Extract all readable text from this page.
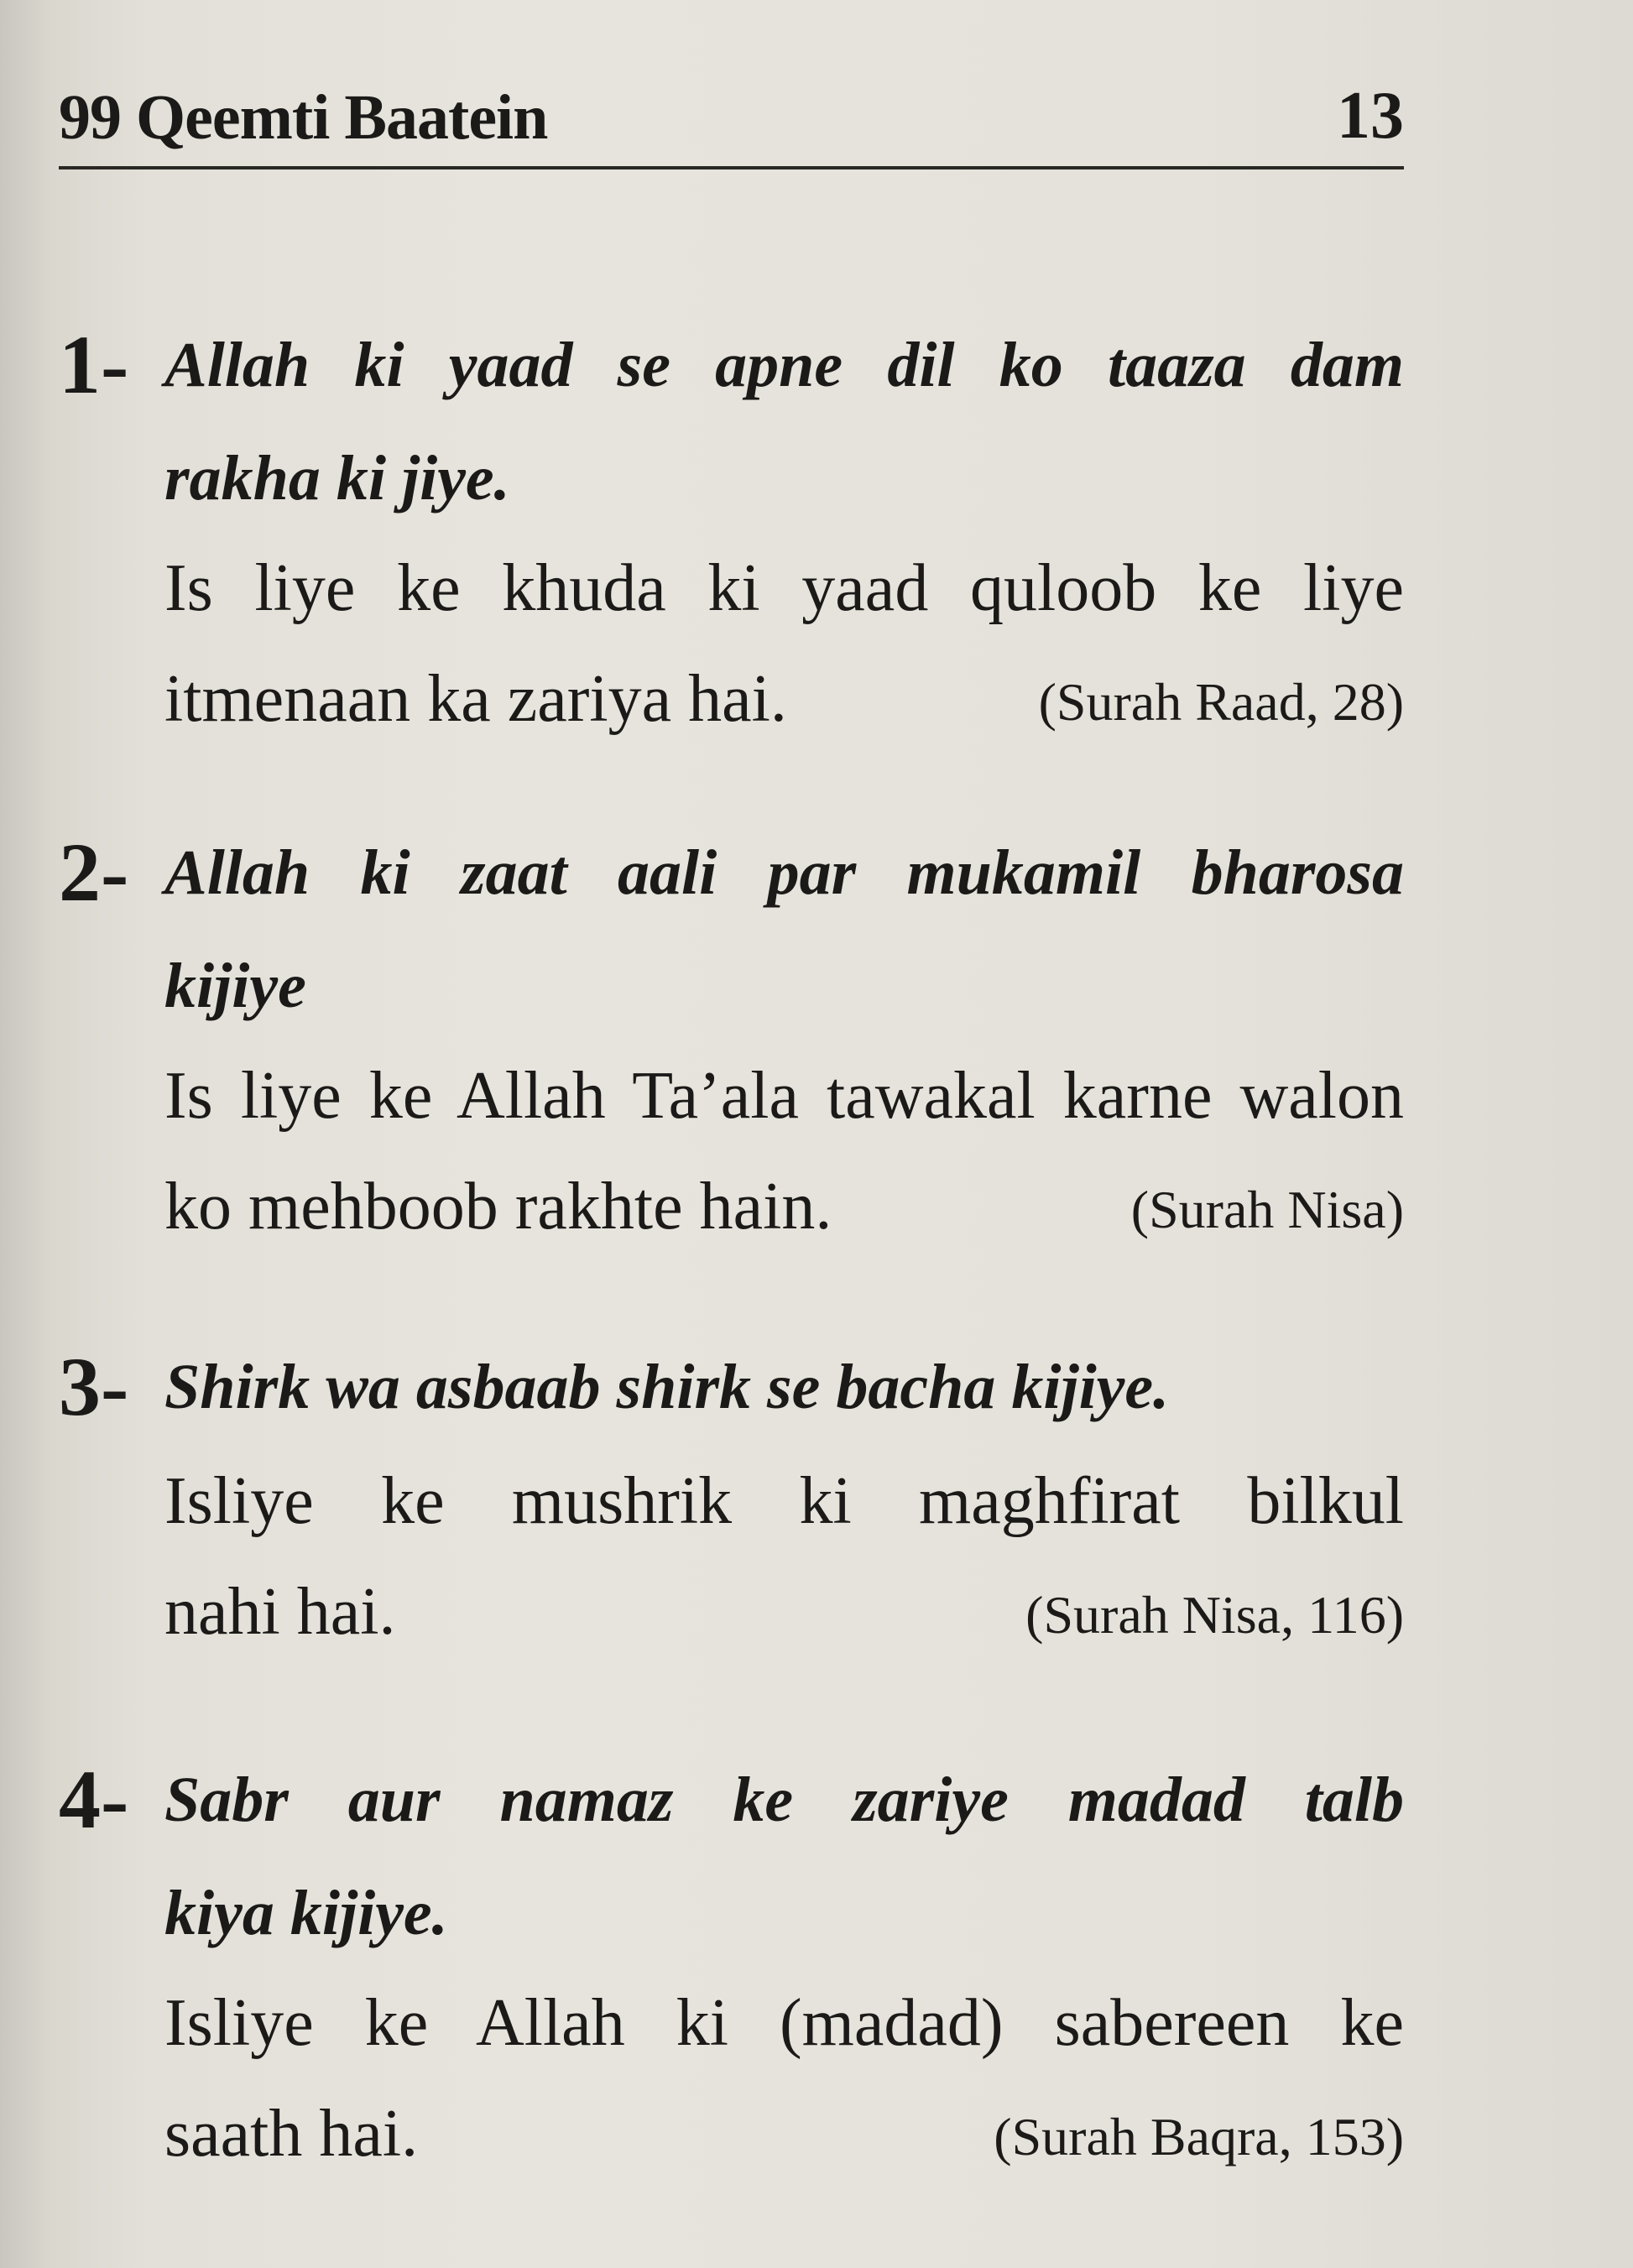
99 Qeemti Baatein	13
1- Allah ki yaad se apne dil ko taaza dam
rakha ki jiye.
Is liye ke khuda ki yaad quloob ke liye
itmenaan ka zariya hai.	(Surah Raad, 28)
2- Allah ki zaat aali par mukamil bharosa
kijiye
Is liye ke Allah Ta’ala tawakal karne walon
ko mehboob rakhte hain.	(Surah Nisa)
3- Shirk wa asbaab shirk se bacha kijiye.
Isliye ke mushrik ki maghfirat bilkul
nahi hai.	(Surah Nisa, 116)
4- Sabr aur namaz ke zariye madad talb
kiya kijiye.
Isliye ke Allah ki (madad) sabereen ke
saath hai.	(Surah Baqra, 153)
